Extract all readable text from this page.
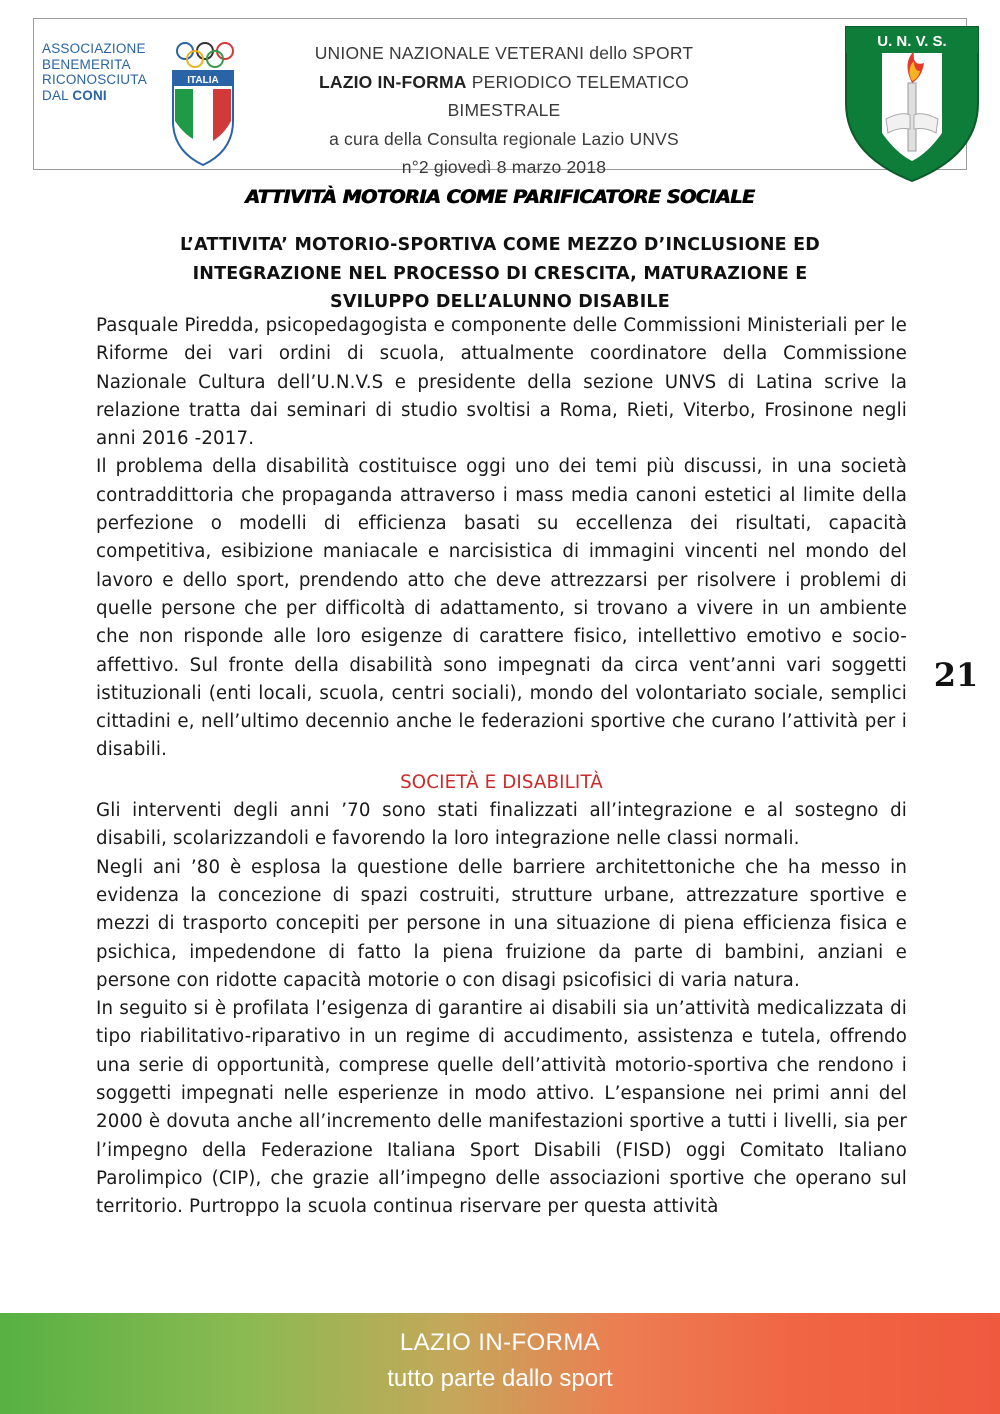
ASSOCIAZIONE
BENEMERITA
RICONOSCIUTA
DAL CONI
ITALIA
UNIONE NAZIONALE VETERANI dello SPORT
LAZIO IN-FORMA PERIODICO TELEMATICO BIMESTRALE
a cura della Consulta regionale Lazio UNVS
n°2 giovedì 8 marzo 2018
U. N. V. S.
ATTIVITÀ MOTORIA COME PARIFICATORE SOCIALE
L’ATTIVITA’ MOTORIO-SPORTIVA COME MEZZO D’INCLUSIONE ED
INTEGRAZIONE NEL PROCESSO DI CRESCITA, MATURAZIONE E
SVILUPPO DELL’ALUNNO DISABILE

Pasquale Piredda, psicopedagogista e componente delle Commissioni Ministeriali per le Riforme dei vari ordini di scuola, attualmente coordinatore della Commissione Nazionale Cultura dell’U.N.V.S e presidente della sezione UNVS di Latina scrive la relazione tratta dai seminari di studio svoltisi a Roma, Rieti, Viterbo, Frosinone negli anni 2016 -2017.

Il problema della disabilità costituisce oggi uno dei temi più discussi, in una società contraddittoria che propaganda attraverso i mass media canoni estetici al limite della perfezione o modelli di efficienza basati su eccellenza dei risultati, capacità competitiva, esibizione maniacale e narcisistica di immagini vincenti nel mondo del lavoro e dello sport, prendendo atto che deve attrezzarsi per risolvere i problemi di quelle persone che per difficoltà di adattamento, si trovano a vivere in un ambiente che non risponde alle loro esigenze di carattere fisico, intellettivo emotivo e socio-affettivo. Sul fronte della disabilità sono impegnati da circa vent’anni vari soggetti istituzionali (enti locali, scuola, centri sociali), mondo del volontariato sociale, semplici cittadini e, nell’ultimo decennio anche le federazioni sportive che curano l’attività per i disabili.

SOCIETÀ E DISABILITÀ

Gli interventi degli anni ’70 sono stati finalizzati all’integrazione e al sostegno di disabili, scolarizzandoli e favorendo la loro integrazione nelle classi normali.

Negli ani ’80 è esplosa la questione delle barriere architettoniche che ha messo in evidenza la concezione di spazi costruiti, strutture urbane, attrezzature sportive e mezzi di trasporto concepiti per persone in una situazione di piena efficienza fisica e psichica, impedendone di fatto la piena fruizione da parte di bambini, anziani e persone con ridotte capacità motorie o con disagi psicofisici di varia natura.

In seguito si è profilata l’esigenza di garantire ai disabili sia un’attività medicalizzata di tipo riabilitativo-riparativo in un regime di accudimento, assistenza e tutela, offrendo una serie di opportunità, comprese quelle dell’attività motorio-sportiva che rendono i soggetti impegnati nelle esperienze in modo attivo. L’espansione nei primi anni del 2000 è dovuta anche all’incremento delle manifestazioni sportive a tutti i livelli, sia per l’impegno della Federazione Italiana Sport Disabili (FISD) oggi Comitato Italiano Parolimpico (CIP), che grazie all’impegno delle associazioni sportive che operano sul territorio. Purtroppo la scuola continua riservare per questa attività

21
LAZIO IN-FORMA
tutto parte dallo sport
